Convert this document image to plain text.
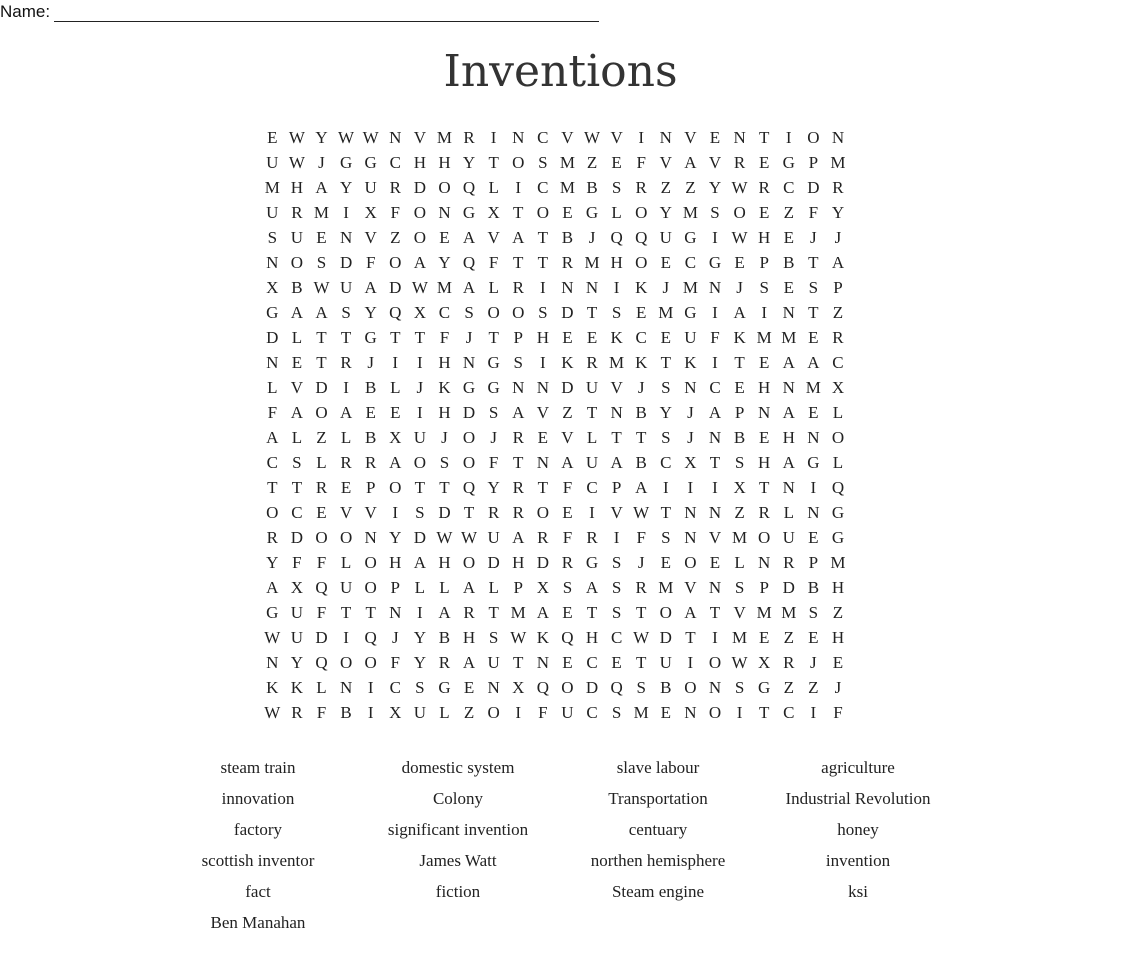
Name:
Inventions
E W Y W W N V M R I N C V W V I N V E N T I O N
U W J G G C H H Y T O S M Z E F V A V R E G P M
M H A Y U R D O Q L I C M B S R Z Z Y W R C D R
U R M I X F O N G X T O E G L O Y M S O E Z F Y
S U E N V Z O E A V A T B J Q Q U G I W H E J	J
N O S D F O A Y Q F T T R M H O E C G E P B T A
X B W U A D W M A L R I N N I K J M N J S E S P
G A A S Y Q X C S O O S D T S E M G I A I N T Z
D L T T G T T F J T P H E E K C E U F K M M E R
N E T R J	I	I H N G S	I K R M K T K I T E A A C
L V D I B L J K G G N N D U V J S N C E H N M X
F A O A E E I H D S A V Z T N B Y J A P N A E L
A L Z L B X U J O J R E V L T T S J N B E H N O
C S L R R A O S O F T N A U A B C X T S H A G L
T T R E P O T T Q Y R T F C P A I	I	I X T N I Q
O C E V V I	S D T R R O E I V W T N N Z R L N G
R D O O N Y D W W U A R F R I	F S N V M O U E G
Y F F L O H A H O D H D R G S J E O E L N R P M
A X Q U O P L L A L P X S A S R M V N S P D B H
G U F T T N I A R T M A E T S T O A T V M M S Z
W U D I Q J Y B H S W K Q H C W D T I M E Z E H
N Y Q O O F Y R A U T N E C E T U I O W X R J E
K K L N I C S G E N X Q O D Q S B O N S G Z Z J
W R F B I X U L Z O I	F U C S M E N O I T C I	F
steam train	domestic system	slave labour	agriculture
innovation	Colony	Transportation	Industrial Revolution
factory	significant invention	centuary	honey
scottish inventor	James Watt	northen hemisphere	invention
fact	fiction	Steam engine	ksi
Ben Manahan			
